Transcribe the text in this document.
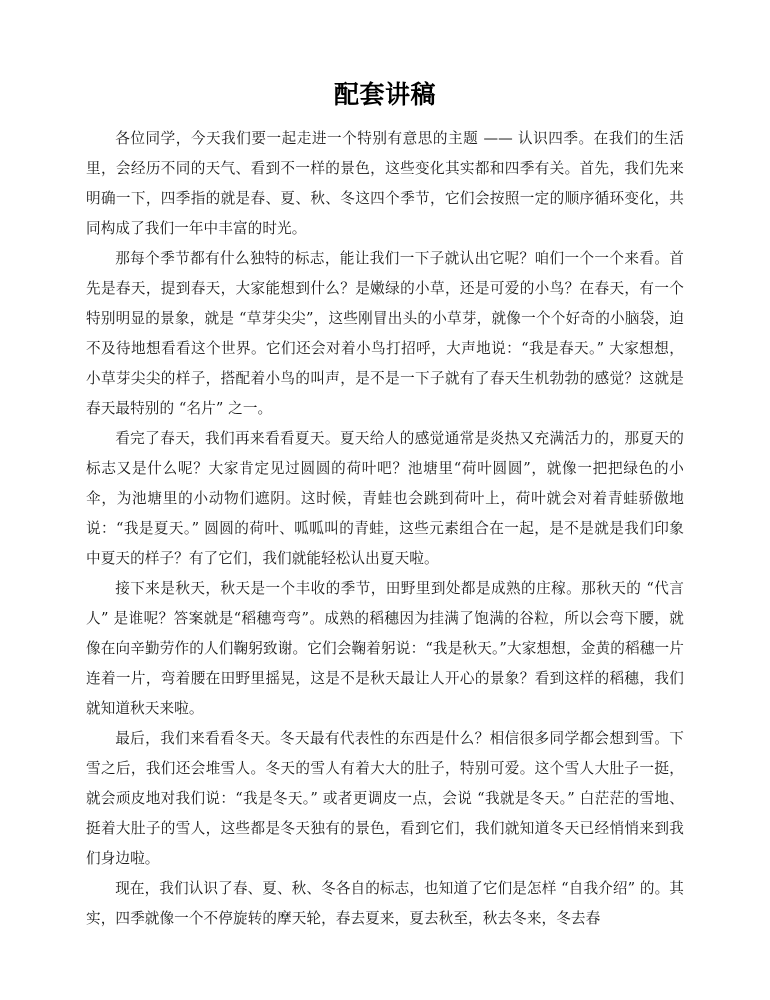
配套讲稿

各位同学，今天我们要一起走进一个特别有意思的主题 —— 认识四季。在我们的生活里，会经历不同的天气、看到不一样的景色，这些变化其实都和四季有关。首先，我们先来明确一下，四季指的就是春、夏、秋、冬这四个季节，它们会按照一定的顺序循环变化，共同构成了我们一年中丰富的时光。

那每个季节都有什么独特的标志，能让我们一下子就认出它呢？咱们一个一个来看。首先是春天，提到春天，大家能想到什么？是嫩绿的小草，还是可爱的小鸟？在春天，有一个特别明显的景象，就是 “草芽尖尖”，这些刚冒出头的小草芽，就像一个个好奇的小脑袋，迫不及待地想看看这个世界。它们还会对着小鸟打招呼，大声地说：“我是春天。” 大家想想，小草芽尖尖的样子，搭配着小鸟的叫声，是不是一下子就有了春天生机勃勃的感觉？这就是春天最特别的 “名片” 之一。

看完了春天，我们再来看看夏天。夏天给人的感觉通常是炎热又充满活力的，那夏天的标志又是什么呢？大家肯定见过圆圆的荷叶吧？池塘里“荷叶圆圆”，就像一把把绿色的小伞，为池塘里的小动物们遮阴。这时候，青蛙也会跳到荷叶上，荷叶就会对着青蛙骄傲地说：“我是夏天。” 圆圆的荷叶、呱呱叫的青蛙，这些元素组合在一起，是不是就是我们印象中夏天的样子？有了它们，我们就能轻松认出夏天啦。

接下来是秋天，秋天是一个丰收的季节，田野里到处都是成熟的庄稼。那秋天的 “代言人” 是谁呢？答案就是“稻穗弯弯”。成熟的稻穗因为挂满了饱满的谷粒，所以会弯下腰，就像在向辛勤劳作的人们鞠躬致谢。它们会鞠着躬说：“我是秋天。”大家想想，金黄的稻穗一片连着一片，弯着腰在田野里摇晃，这是不是秋天最让人开心的景象？看到这样的稻穗，我们就知道秋天来啦。

最后，我们来看看冬天。冬天最有代表性的东西是什么？相信很多同学都会想到雪。下雪之后，我们还会堆雪人。冬天的雪人有着大大的肚子，特别可爱。这个雪人大肚子一挺，就会顽皮地对我们说：“我是冬天。” 或者更调皮一点，会说 “我就是冬天。” 白茫茫的雪地、挺着大肚子的雪人，这些都是冬天独有的景色，看到它们，我们就知道冬天已经悄悄来到我们身边啦。

现在，我们认识了春、夏、秋、冬各自的标志，也知道了它们是怎样 “自我介绍” 的。其实，四季就像一个不停旋转的摩天轮，春去夏来，夏去秋至，秋去冬来，冬去春
